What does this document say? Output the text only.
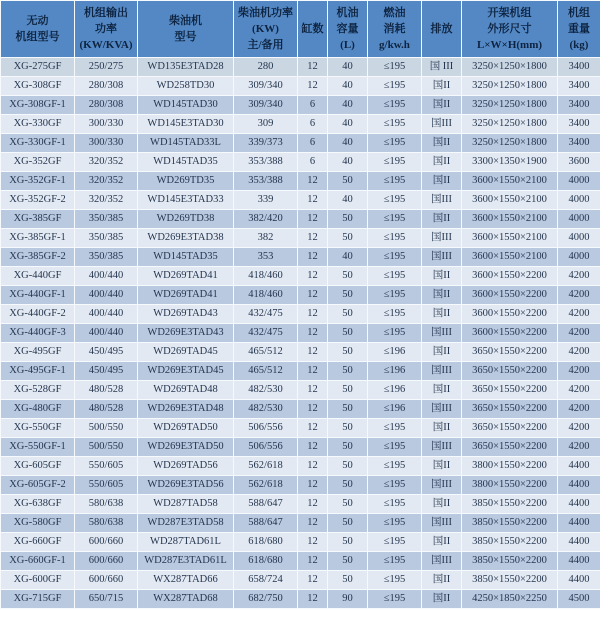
无动
机组型号	机组输出
功率
(KW/KVA)	柴油机
型号	柴油机功率
(KW)
主/备用	缸数	机油
容量
(L)	燃油
消耗
g/kw.h	排放	开架机组
外形尺寸
L×W×H(mm)	机组
重量
(kg)

XG-275GF	250/275	WD135E3TAD28	280	12	40	≤195	国 III	3250×1250×1800	3400
XG-308GF	280/308	WD258TD30	309/340	12	40	≤195	国II	3250×1250×1800	3400
XG-308GF-1	280/308	WD145TAD30	309/340	6	40	≤195	国II	3250×1250×1800	3400
XG-330GF	300/330	WD145E3TAD30	309	6	40	≤195	国III	3250×1250×1800	3400
XG-330GF-1	300/330	WD145TAD33L	339/373	6	40	≤195	国II	3250×1250×1800	3400
XG-352GF	320/352	WD145TAD35	353/388	6	40	≤195	国II	3300×1350×1900	3600
XG-352GF-1	320/352	WD269TD35	353/388	12	50	≤195	国II	3600×1550×2100	4000
XG-352GF-2	320/352	WD145E3TAD33	339	12	40	≤195	国III	3600×1550×2100	4000
XG-385GF	350/385	WD269TD38	382/420	12	50	≤195	国II	3600×1550×2100	4000
XG-385GF-1	350/385	WD269E3TAD38	382	12	50	≤195	国III	3600×1550×2100	4000
XG-385GF-2	350/385	WD145TAD35	353	12	40	≤195	国III	3600×1550×2100	4000
XG-440GF	400/440	WD269TAD41	418/460	12	50	≤195	国II	3600×1550×2200	4200
XG-440GF-1	400/440	WD269TAD41	418/460	12	50	≤195	国II	3600×1550×2200	4200
XG-440GF-2	400/440	WD269TAD43	432/475	12	50	≤195	国II	3600×1550×2200	4200
XG-440GF-3	400/440	WD269E3TAD43	432/475	12	50	≤195	国III	3600×1550×2200	4200
XG-495GF	450/495	WD269TAD45	465/512	12	50	≤196	国II	3650×1550×2200	4200
XG-495GF-1	450/495	WD269E3TAD45	465/512	12	50	≤196	国III	3650×1550×2200	4200
XG-528GF	480/528	WD269TAD48	482/530	12	50	≤196	国II	3650×1550×2200	4200
XG-480GF	480/528	WD269E3TAD48	482/530	12	50	≤196	国III	3650×1550×2200	4200
XG-550GF	500/550	WD269TAD50	506/556	12	50	≤195	国II	3650×1550×2200	4200
XG-550GF-1	500/550	WD269E3TAD50	506/556	12	50	≤195	国III	3650×1550×2200	4200
XG-605GF	550/605	WD269TAD56	562/618	12	50	≤195	国II	3800×1550×2200	4400
XG-605GF-2	550/605	WD269E3TAD56	562/618	12	50	≤195	国III	3800×1550×2200	4400
XG-638GF	580/638	WD287TAD58	588/647	12	50	≤195	国II	3850×1550×2200	4400
XG-580GF	580/638	WD287E3TAD58	588/647	12	50	≤195	国III	3850×1550×2200	4400
XG-660GF	600/660	WD287TAD61L	618/680	12	50	≤195	国II	3850×1550×2200	4400
XG-660GF-1	600/660	WD287E3TAD61L	618/680	12	50	≤195	国III	3850×1550×2200	4400
XG-600GF	600/660	WX287TAD66	658/724	12	50	≤195	国II	3850×1550×2200	4400
XG-715GF	650/715	WX287TAD68	682/750	12	90	≤195	国II	4250×1850×2250	4500
